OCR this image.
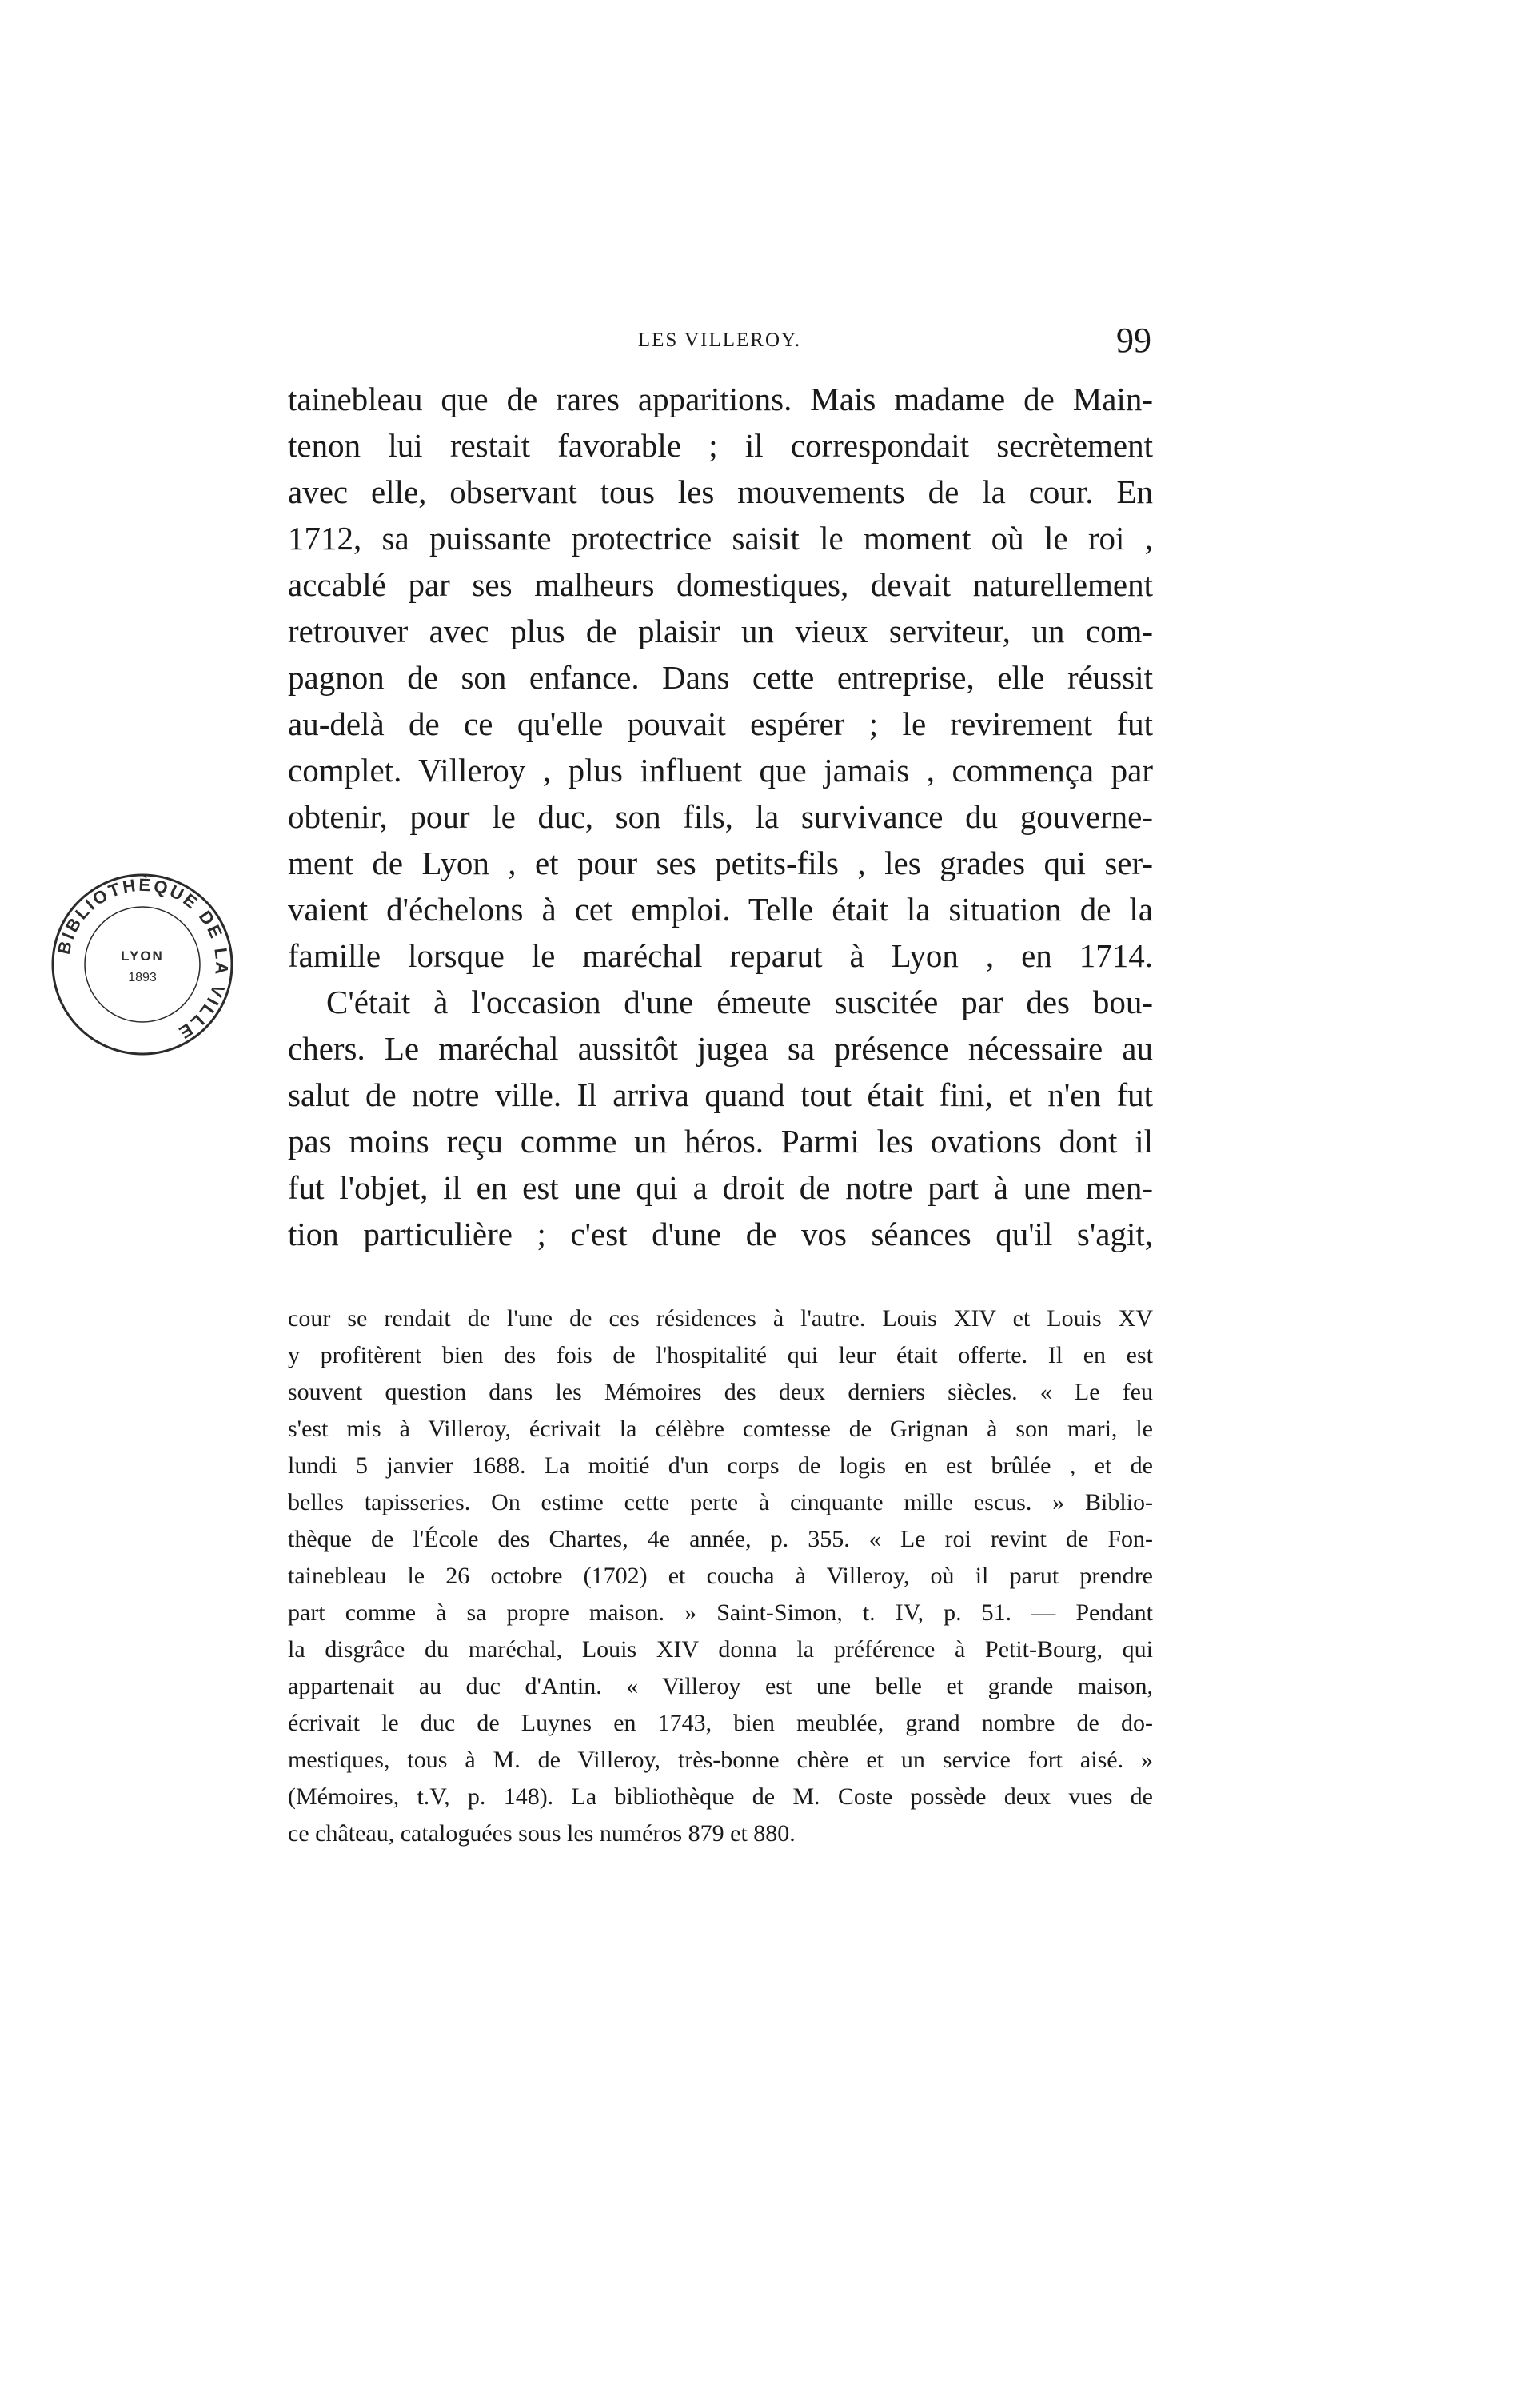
LES VILLEROY.	99
tainebleau que de rares apparitions. Mais madame de Main-
tenon lui restait favorable ; il correspondait secrètement
avec elle, observant tous les mouvements de la cour. En
1712, sa puissante protectrice saisit le moment où le roi ,
accablé par ses malheurs domestiques, devait naturellement
retrouver avec plus de plaisir un vieux serviteur, un com-
pagnon de son enfance. Dans cette entreprise, elle réussit
au-delà de ce qu'elle pouvait espérer ; le revirement fut
complet. Villeroy , plus influent que jamais , commença par
obtenir, pour le duc, son fils, la survivance du gouverne-
ment de Lyon , et pour ses petits-fils , les grades qui ser-
vaient d'échelons à cet emploi. Telle était la situation de la
famille lorsque le maréchal reparut à Lyon , en 1714.
C'était à l'occasion d'une émeute suscitée par des bou-
chers. Le maréchal aussitôt jugea sa présence nécessaire au
salut de notre ville. Il arriva quand tout était fini, et n'en fut
pas moins reçu comme un héros. Parmi les ovations dont il
fut l'objet, il en est une qui a droit de notre part à une men-
tion particulière ; c'est d'une de vos séances qu'il s'agit,
cour se rendait de l'une de ces résidences à l'autre. Louis XIV et Louis XV
y profitèrent bien des fois de l'hospitalité qui leur était offerte. Il en est
souvent question dans les Mémoires des deux derniers siècles. « Le feu
s'est mis à Villeroy, écrivait la célèbre comtesse de Grignan à son mari, le
lundi 5 janvier 1688. La moitié d'un corps de logis en est brûlée , et de
belles tapisseries. On estime cette perte à cinquante mille escus. » Biblio-
thèque de l'École des Chartes, 4e année, p. 355. « Le roi revint de Fon-
tainebleau le 26 octobre (1702) et coucha à Villeroy, où il parut prendre
part comme à sa propre maison. » Saint-Simon, t. IV, p. 51. — Pendant
la disgrâce du maréchal, Louis XIV donna la préférence à Petit-Bourg, qui
appartenait au duc d'Antin. « Villeroy est une belle et grande maison,
écrivait le duc de Luynes en 1743, bien meublée, grand nombre de do-
mestiques, tous à M. de Villeroy, très-bonne chère et un service fort aisé. »
(Mémoires, t.V, p. 148). La bibliothèque de M. Coste possède deux vues de
ce château, cataloguées sous les numéros 879 et 880.
BIBLIOTHÈQUE DE LA VILLE
LYON
1893
